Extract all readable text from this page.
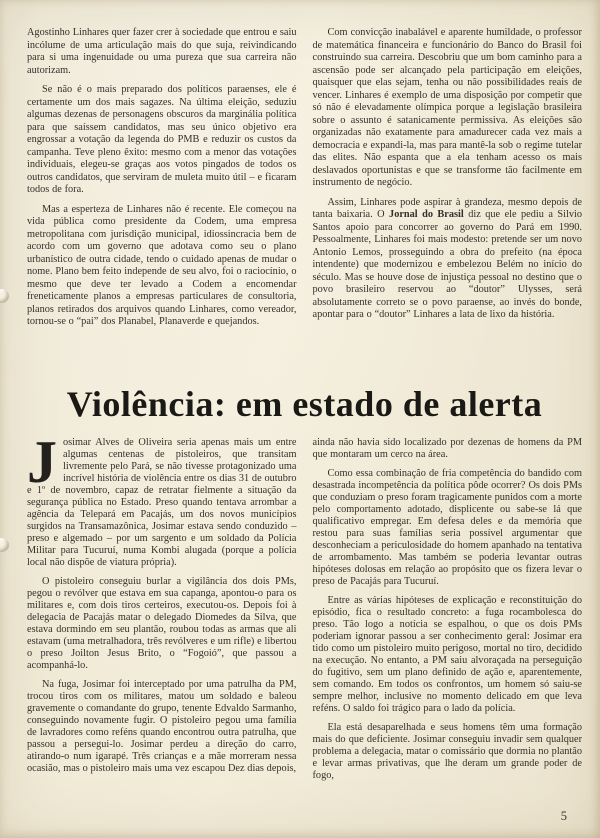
Agostinho Linhares quer fazer crer à sociedade que entrou e saiu incólume de uma articulação mais do que suja, reivindicando para si uma ingenuidade ou uma pureza que sua carreira não autorizam.

Se não é o mais preparado dos políticos paraenses, ele é certamente um dos mais sagazes. Na última eleição, seduziu algumas dezenas de personagens obscuros da marginália política para que saíssem candidatos, mas seu único objetivo era engrossar a votação da legenda do PMB e reduzir os custos da campanha. Teve pleno êxito: mesmo com a menor das votações individuais, elegeu-se graças aos votos pingados de todos os outros candidatos, que serviram de muleta muito útil – e ficaram todos de fora.

Mas a esperteza de Linhares não é recente. Ele começou na vida pública como presidente da Codem, uma empresa metropolitana com jurisdição municipal, idiossincracia bem de acordo com um governo que adotava como seu o plano urbanístico de outra cidade, tendo o cuidado apenas de mudar o nome. Plano bem feito independe de seu alvo, foi o raciocínio, o mesmo que deve ter levado a Codem a encomendar freneticamente planos a empresas particulares de consultoria, planos retirados dos arquivos quando Linhares, como vereador, tornou-se o “pai” dos Planabel, Planaverde e quejandos.

Com convicção inabalável e aparente humildade, o professor de matemática financeira e funcionário do Banco do Brasil foi construindo sua carreira. Descobriu que um bom caminho para a ascensão pode ser alcançado pela participação em eleições, quaisquer que elas sejam, tenha ou não possibilidades reais de vencer. Linhares é exemplo de uma disposição por competir que só não é elevadamente olímpica porque a legislação brasileira sobre o assunto é satanicamente permissiva. As eleições são organizadas não exatamente para amadurecer cada vez mais a democracia e expandi-la, mas para mantê-la sob o regime tutelar das elites. Não espanta que a ela tenham acesso os mais deslavados oportunistas e que se transforme tão facilmente em instrumento de negócio.

Assim, Linhares pode aspirar à grandeza, mesmo depois de tanta baixaria. O Jornal do Brasil diz que ele pediu a Silvio Santos apoio para concorrer ao governo do Pará em 1990. Pessoalmente, Linhares foi mais modesto: pretende ser um novo Antonio Lemos, prosseguindo a obra do prefeito (na época intendente) que modernizou e embelezou Belém no início do século. Mas se houve dose de injustiça pessoal no destino que o povo brasileiro reservou ao “doutor” Ulysses, será absolutamente correto se o povo paraense, ao invés do bonde, apontar para o “doutor” Linhares a lata de lixo da história.

Violência: em estado de alerta

Josimar Alves de Oliveira seria apenas mais um entre algumas centenas de pistoleiros, que transitam livremente pelo Pará, se não tivesse protagonizado uma incrível história de violência entre os dias 31 de outubro e 1º de novembro, capaz de retratar fielmente a situação da segurança pública no Estado. Preso quando tentava arrombar a agência da Telepará em Pacajás, um dos novos municípios surgidos na Transamazônica, Josimar estava sendo conduzido – preso e algemado – por um sargento e um soldado da Polícia Militar para Tucuruí, numa Kombi alugada (porque a polícia local não dispõe de viatura própria).

O pistoleiro conseguiu burlar a vigilância dos dois PMs, pegou o revólver que estava em sua capanga, apontou-o para os militares e, com dois tiros certeiros, executou-os. Depois foi à delegacia de Pacajás matar o delegado Diomedes da Silva, que estava dormindo em seu plantão, roubou todas as armas que ali estavam (uma metralhadora, três revólveres e um rifle) e libertou o preso Joilton Jesus Brito, o “Fogoió”, que passou a acompanhá-lo.

Na fuga, Josimar foi interceptado por uma patrulha da PM, trocou tiros com os militares, matou um soldado e baleou gravemente o comandante do grupo, tenente Edvaldo Sarmanho, conseguindo novamente fugir. O pistoleiro pegou uma família de lavradores como reféns quando encontrou outra patrulha, que passou a persegui-lo. Josimar perdeu a direção do carro, atirando-o num igarapé. Três crianças e a mãe morreram nessa ocasião, mas o pistoleiro mais uma vez escapou Dez dias depois,

ainda não havia sido localizado por dezenas de homens da PM que montaram um cerco na área.

Como essa combinação de fria competência do bandido com desastrada incompetência da política pôde ocorrer? Os dois PMs que conduziam o preso foram tragicamente punidos com a morte pelo comportamento adotado, displicente ou sabe-se lá que qualificativo empregar. Em defesa deles e da memória que restou para suas famílias seria possível argumentar que desconheciam a periculosidade do homem apanhado na tentativa de arrombamento. Mas também se poderia levantar outras hipóteses dolosas em relação ao propósito que os fizera levar o preso de Pacajás para Tucuruí.

Entre as várias hipóteses de explicação e reconstituição do episódio, fica o resultado concreto: a fuga rocambolesca do preso. Tão logo a notícia se espalhou, o que os dois PMs poderiam ignorar passou a ser conhecimento geral: Josimar era tido como um pistoleiro muito perigoso, mortal no tiro, decidido na execução. No entanto, a PM saiu alvoraçada na perseguição do fugitivo, sem um plano definido de ação e, aparentemente, sem comando. Em todos os confrontos, um homem só saiu-se sempre melhor, inclusive no momento delicado em que leva reféns. O saldo foi trágico para o lado da polícia.

Ela está desaparelhada e seus homens têm uma formação mais do que deficiente. Josimar conseguiu invadir sem qualquer problema a delegacia, matar o comissário que dormia no plantão e levar armas privativas, que lhe deram um grande poder de fogo,

5
